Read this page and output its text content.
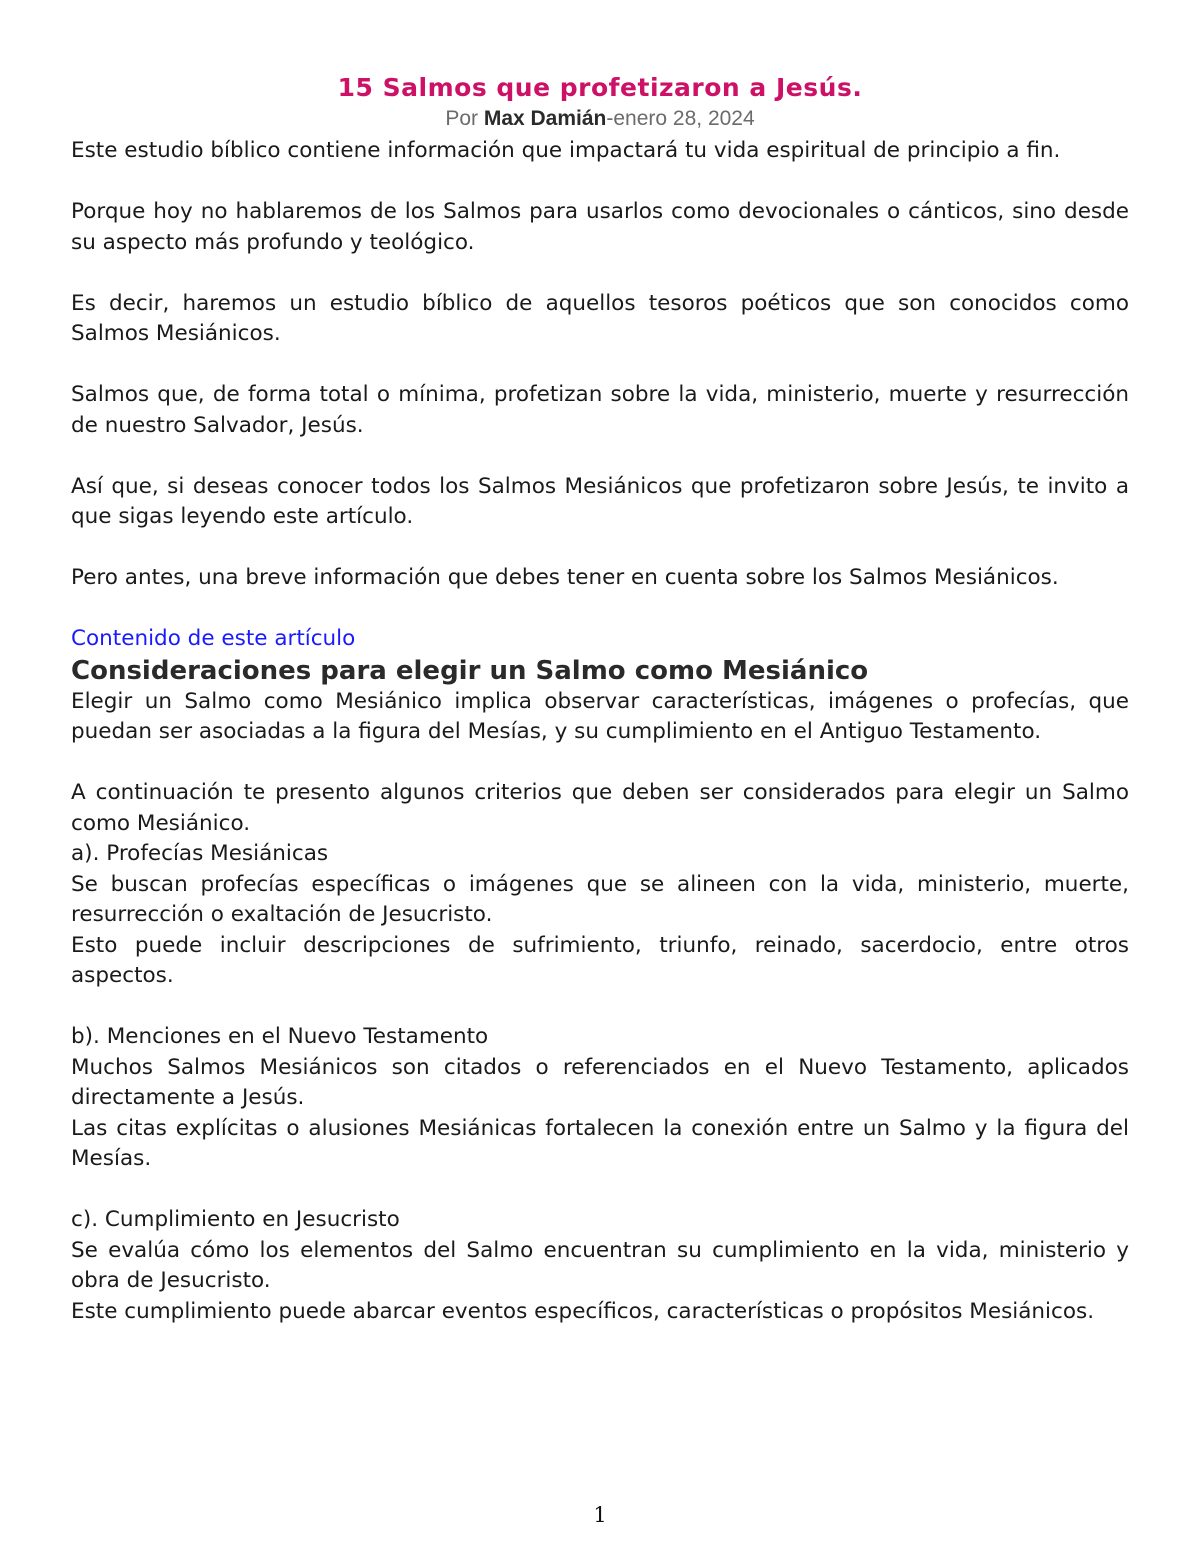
15 Salmos que profetizaron a Jesús.
Por Max Damián-enero 28, 2024

Este estudio bíblico contiene información que impactará tu vida espiritual de principio a fin.

Porque hoy no hablaremos de los Salmos para usarlos como devocionales o cánticos, sino desde su aspecto más profundo y teológico.

Es decir, haremos un estudio bíblico de aquellos tesoros poéticos que son conocidos como Salmos Mesiánicos.

Salmos que, de forma total o mínima, profetizan sobre la vida, ministerio, muerte y resurrección de nuestro Salvador, Jesús.

Así que, si deseas conocer todos los Salmos Mesiánicos que profetizaron sobre Jesús, te invito a que sigas leyendo este artículo.

Pero antes, una breve información que debes tener en cuenta sobre los Salmos Mesiánicos.

Contenido de este artículo
Consideraciones para elegir un Salmo como Mesiánico

Elegir un Salmo como Mesiánico implica observar características, imágenes o profecías, que puedan ser asociadas a la figura del Mesías, y su cumplimiento en el Antiguo Testamento.

A continuación te presento algunos criterios que deben ser considerados para elegir un Salmo como Mesiánico.

a). Profecías Mesiánicas

Se buscan profecías específicas o imágenes que se alineen con la vida, ministerio, muerte, resurrección o exaltación de Jesucristo.

Esto puede incluir descripciones de sufrimiento, triunfo, reinado, sacerdocio, entre otros aspectos.

b). Menciones en el Nuevo Testamento

Muchos Salmos Mesiánicos son citados o referenciados en el Nuevo Testamento, aplicados directamente a Jesús.

Las citas explícitas o alusiones Mesiánicas fortalecen la conexión entre un Salmo y la figura del Mesías.

c). Cumplimiento en Jesucristo

Se evalúa cómo los elementos del Salmo encuentran su cumplimiento en la vida, ministerio y obra de Jesucristo.

Este cumplimiento puede abarcar eventos específicos, características o propósitos Mesiánicos.

1
